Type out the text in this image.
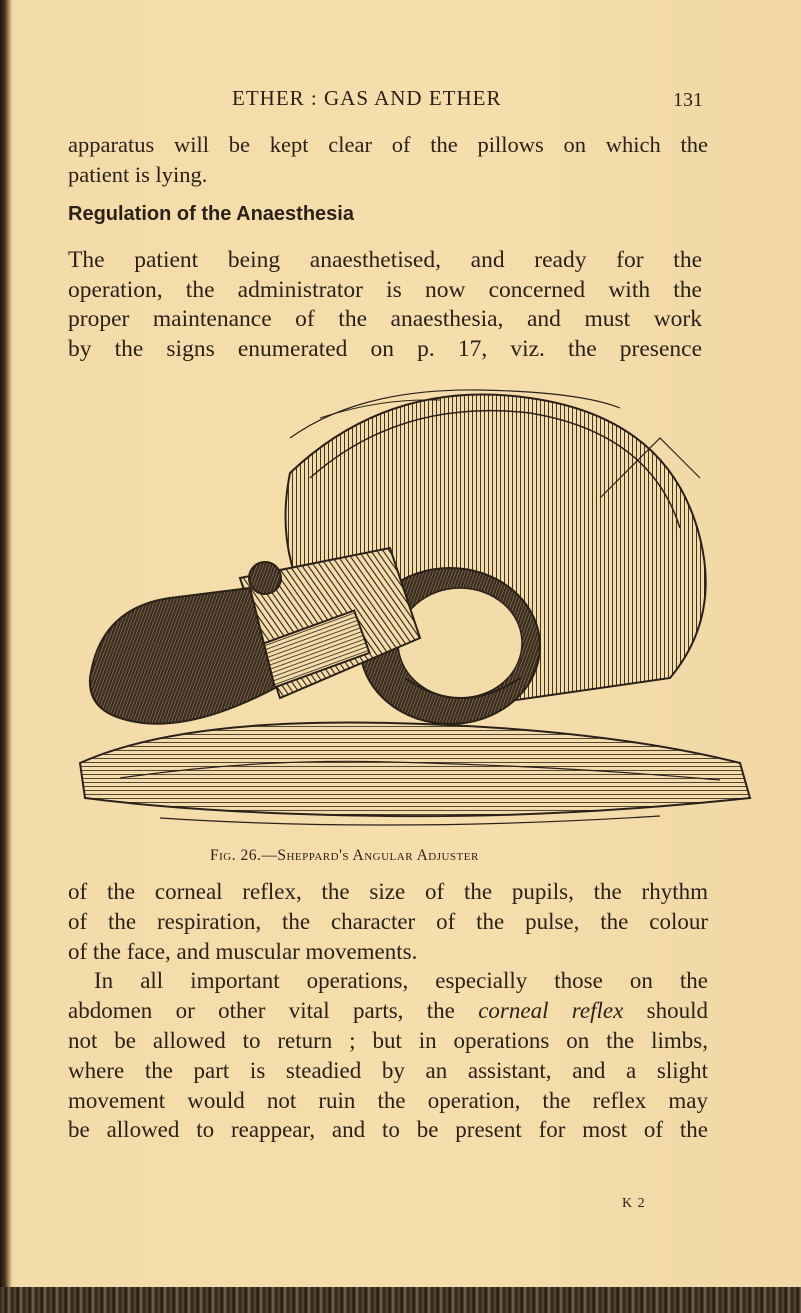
ETHER : GAS AND ETHER	131

apparatus will be kept clear of the pillows on which the
patient is lying.

Regulation of the Anaesthesia

The patient being anaesthetised, and ready for the
operation, the administrator is now concerned with the
proper maintenance of the anaesthesia, and must work
by the signs enumerated on p. 17, viz. the presence

Fig. 26.—Sheppard's Angular Adjuster

of the corneal reflex, the size of the pupils, the rhythm
of the respiration, the character of the pulse, the colour
of the face, and muscular movements.
In all important operations, especially those on the
abdomen or other vital parts, the corneal reflex should
not be allowed to return ; but in operations on the limbs,
where the part is steadied by an assistant, and a slight
movement would not ruin the operation, the reflex may
be allowed to reappear, and to be present for most of the

K 2
